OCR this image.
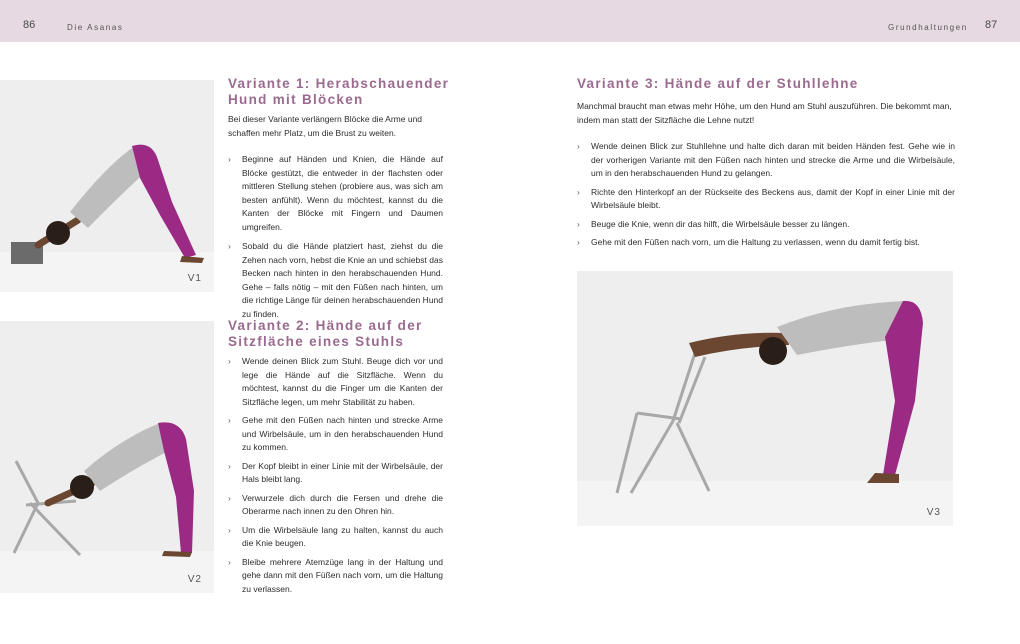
86	Die Asanas	Grundhaltungen 87
V1
V2
Variante 1: Herabschauender Hund mit Blöcken

Bei dieser Variante verlängern Blöcke die Arme und schaffen mehr Platz, um die Brust zu weiten.

› Beginne auf Händen und Knien, die Hände auf Blöcke gestützt, die entweder in der flachsten oder mittleren Stellung stehen (probiere aus, was sich am besten anfühlt). Wenn du möchtest, kannst du die Kanten der Blöcke mit Fingern und Daumen umgreifen.
› Sobald du die Hände platziert hast, ziehst du die Zehen nach vorn, hebst die Knie an und schiebst das Becken nach hinten in den herabschauenden Hund. Gehe – falls nötig – mit den Füßen nach hinten, um die richtige Länge für deinen herabschauenden Hund zu finden.
Variante 2: Hände auf der Sitzfläche eines Stuhls
› Wende deinen Blick zum Stuhl. Beuge dich vor und lege die Hände auf die Sitzfläche. Wenn du möchtest, kannst du die Finger um die Kanten der Sitzfläche legen, um mehr Stabilität zu haben.
› Gehe mit den Füßen nach hinten und strecke Arme und Wirbelsäule, um in den herabschauenden Hund zu kommen.
› Der Kopf bleibt in einer Linie mit der Wirbelsäule, der Hals bleibt lang.
› Verwurzele dich durch die Fersen und drehe die Oberarme nach innen zu den Ohren hin.
› Um die Wirbelsäule lang zu halten, kannst du auch die Knie beugen.
› Bleibe mehrere Atemzüge lang in der Haltung und gehe dann mit den Füßen nach vorn, um die Haltung zu verlassen.
Variante 3: Hände auf der Stuhllehne

Manchmal braucht man etwas mehr Höhe, um den Hund am Stuhl auszuführen. Die bekommt man, indem man statt der Sitzfläche die Lehne nutzt!

› Wende deinen Blick zur Stuhllehne und halte dich daran mit beiden Händen fest. Gehe wie in der vorherigen Variante mit den Füßen nach hinten und strecke die Arme und die Wirbelsäule, um in den herabschauenden Hund zu gelangen.
› Richte den Hinterkopf an der Rückseite des Beckens aus, damit der Kopf in einer Linie mit der Wirbelsäule bleibt.
› Beuge die Knie, wenn dir das hilft, die Wirbelsäule besser zu längen.
› Gehe mit den Füßen nach vorn, um die Haltung zu verlassen, wenn du damit fertig bist.
V3
